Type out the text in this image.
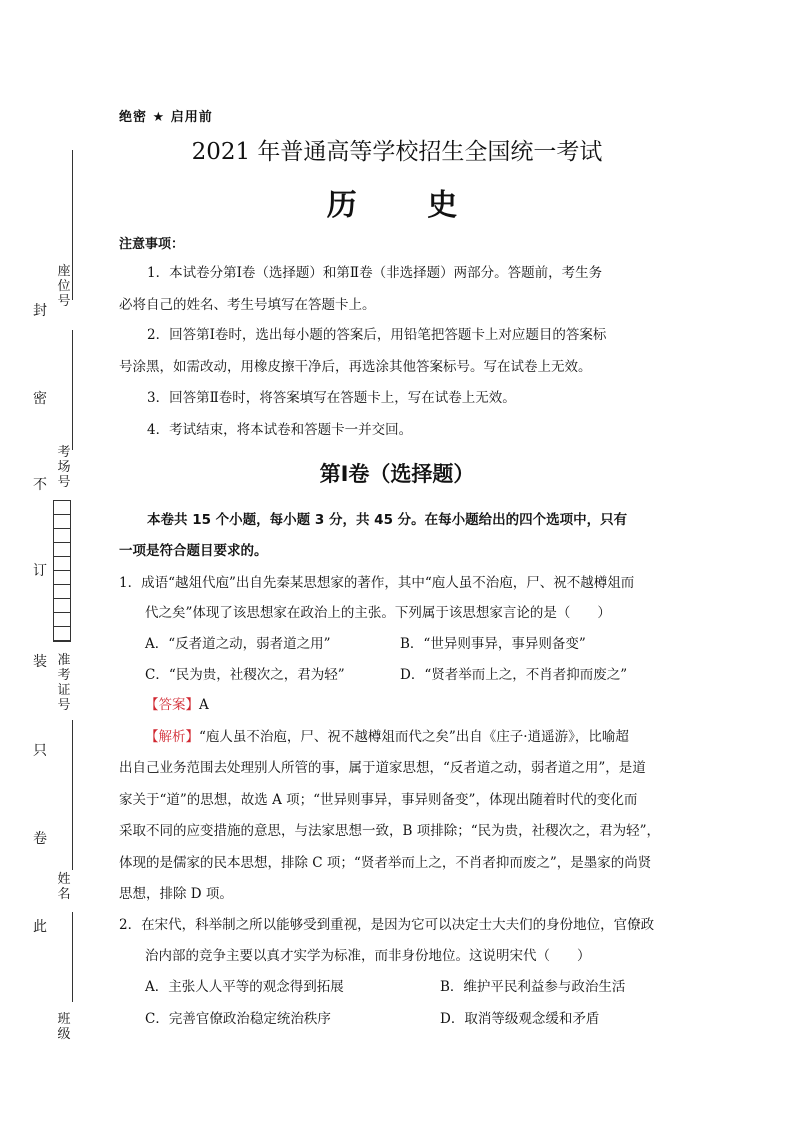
封
密
不
订
装
只
卷
此
座位号
考场号
准考证号
姓名
班级
绝密 ★ 启用前
2021 年普通高等学校招生全国统一考试
历 史
注意事项：
1．本试卷分第Ⅰ卷（选择题）和第Ⅱ卷（非选择题）两部分。答题前，考生务
必将自己的姓名、考生号填写在答题卡上。
2．回答第Ⅰ卷时，选出每小题的答案后，用铅笔把答题卡上对应题目的答案标
号涂黑，如需改动，用橡皮擦干净后，再选涂其他答案标号。写在试卷上无效。
3．回答第Ⅱ卷时，将答案填写在答题卡上，写在试卷上无效。
4．考试结束，将本试卷和答题卡一并交回。
第Ⅰ卷（选择题）
本卷共 15 个小题，每小题 3 分，共 45 分。在每小题给出的四个选项中，只有
一项是符合题目要求的。
1．成语“越俎代庖”出自先秦某思想家的著作，其中“庖人虽不治庖，尸、祝不越樽俎而
代之矣”体现了该思想家在政治上的主张。下列属于该思想家言论的是（　　）
A．“反者道之动，弱者道之用”	B．“世异则事异，事异则备变”
C．“民为贵，社稷次之，君为轻”	D．“贤者举而上之，不肖者抑而废之”
【答案】A
【解析】“庖人虽不治庖，尸、祝不越樽俎而代之矣”出自《庄子·逍遥游》，比喻超
出自己业务范围去处理别人所管的事，属于道家思想，“反者道之动，弱者道之用”，是道
家关于“道”的思想，故选 A 项；“世异则事异，事异则备变”，体现出随着时代的变化而
采取不同的应变措施的意思，与法家思想一致，B 项排除；“民为贵，社稷次之，君为轻”，
体现的是儒家的民本思想，排除 C 项；“贤者举而上之，不肖者抑而废之”，是墨家的尚贤
思想，排除 D 项。
2．在宋代，科举制之所以能够受到重视，是因为它可以决定士大夫们的身份地位，官僚政
治内部的竞争主要以真才实学为标准，而非身份地位。这说明宋代（　　）
A．主张人人平等的观念得到拓展	B．维护平民利益参与政治生活
C．完善官僚政治稳定统治秩序	D．取消等级观念缓和矛盾
